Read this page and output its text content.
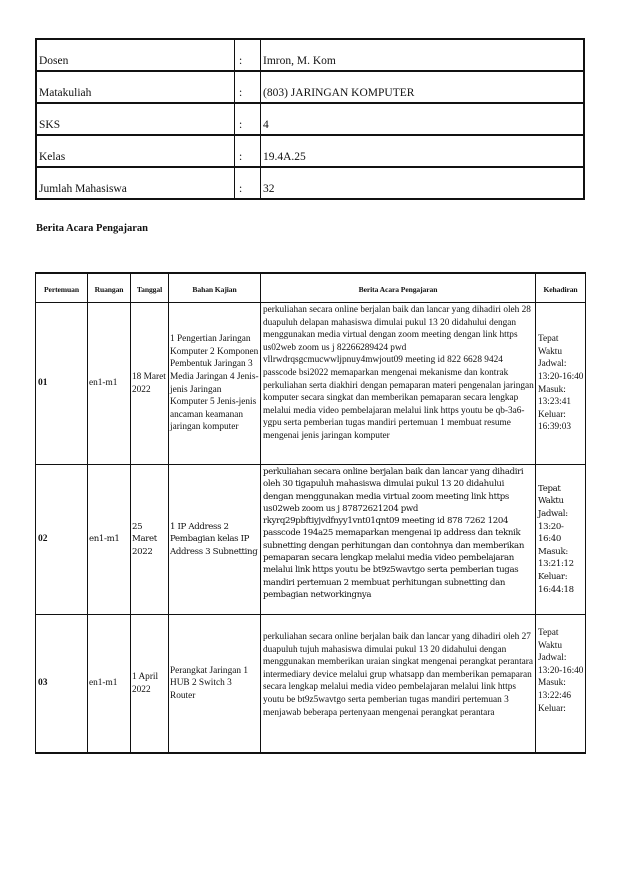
Dosen	:	Imron, M. Kom
Matakuliah	:	(803) JARINGAN KOMPUTER
SKS	:	4
Kelas	:	19.4A.25
Jumlah Mahasiswa	:	32
Berita Acara Pengajaran
Pertemuan	Ruangan	Tanggal	Bahan Kajian	Berita Acara Pengajaran	Kehadiran
01	en1-m1	18 Maret 2022	1 Pengertian Jaringan Komputer 2 Komponen Pembentuk Jaringan 3 Media Jaringan 4 Jenis-jenis Jaringan Komputer 5 Jenis-jenis ancaman keamanan jaringan komputer	perkuliahan secara online berjalan baik dan lancar yang dihadiri oleh 28 duapuluh delapan mahasiswa dimulai pukul 13 20 didahului dengan menggunakan media virtual dengan zoom meeting dengan link https us02web zoom us j 82266289424 pwd vllrwdrqsgcmucwwljpnuy4mwjout09 meeting id 822 6628 9424 passcode bsi2022 memaparkan mengenai mekanisme dan kontrak perkuliahan serta diakhiri dengan pemaparan materi pengenalan jaringan komputer secara singkat dan memberikan pemaparan secara lengkap melalui media video pembelajaran melalui link https youtu be qb-3a6-ygpu serta pemberian tugas mandiri pertemuan 1 membuat resume mengenai jenis jaringan komputer	Tepat Waktu Jadwal: 13:20-16:40 Masuk: 13:23:41 Keluar: 16:39:03
02	en1-m1	25 Maret 2022	1 IP Address 2 Pembagian kelas IP Address 3 Subnetting	perkuliahan secara online berjalan baik dan lancar yang dihadiri oleh 30 tigapuluh mahasiswa dimulai pukul 13 20 didahului dengan menggunakan media virtual zoom meeting link https us02web zoom us j 87872621204 pwd rkyrq29pbftiyjvdfnyy1vnt01qnt09 meeting id 878 7262 1204 passcode 194a25 memaparkan mengenai ip address dan teknik subnetting dengan perhitungan dan contohnya dan memberikan pemaparan secara lengkap melalui media video pembelajaran melalui link https youtu be bt9z5wavtgo serta pemberian tugas mandiri pertemuan 2 membuat perhitungan subnetting dan pembagian networkingnya	Tepat Waktu Jadwal: 13:20-16:40 Masuk: 13:21:12 Keluar: 16:44:18
03	en1-m1	1 April 2022	Perangkat Jaringan 1 HUB 2 Switch 3 Router	perkuliahan secara online berjalan baik dan lancar yang dihadiri oleh 27 duapuluh tujuh mahasiswa dimulai pukul 13 20 didahului dengan menggunakan memberikan uraian singkat mengenai perangkat perantara intermediary device melalui grup whatsapp dan memberikan pemaparan secara lengkap melalui media video pembelajaran melalui link https youtu be bt9z5wavtgo serta pemberian tugas mandiri pertemuan 3 menjawab beberapa pertenyaan mengenai perangkat perantara	Tepat Waktu Jadwal: 13:20-16:40 Masuk: 13:22:46 Keluar:
